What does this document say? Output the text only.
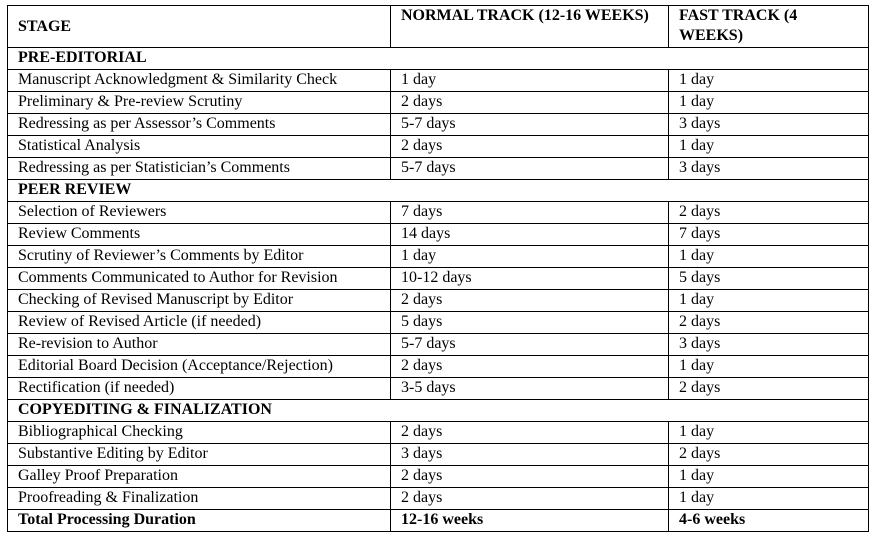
STAGE	NORMAL TRACK (12-16 WEEKS)	FAST TRACK (4 WEEKS)
PRE-EDITORIAL		
Manuscript Acknowledgment & Similarity Check	1 day	1 day
Preliminary & Pre-review Scrutiny	2 days	1 day
Redressing as per Assessor’s Comments	5-7 days	3 days
Statistical Analysis	2 days	1 day
Redressing as per Statistician’s Comments	5-7 days	3 days
PEER REVIEW		
Selection of Reviewers	7 days	2 days
Review Comments	14 days	7 days
Scrutiny of Reviewer’s Comments by Editor	1 day	1 day
Comments Communicated to Author for Revision	10-12 days	5 days
Checking of Revised Manuscript by Editor	2 days	1 day
Review of Revised Article (if needed)	5 days	2 days
Re-revision to Author	5-7 days	3 days
Editorial Board Decision (Acceptance/Rejection)	2 days	1 day
Rectification (if needed)	3-5 days	2 days
COPYEDITING & FINALIZATION		
Bibliographical Checking	2 days	1 day
Substantive Editing by Editor	3 days	2 days
Galley Proof Preparation	2 days	1 day
Proofreading & Finalization	2 days	1 day
Total Processing Duration	12-16 weeks	4-6 weeks
